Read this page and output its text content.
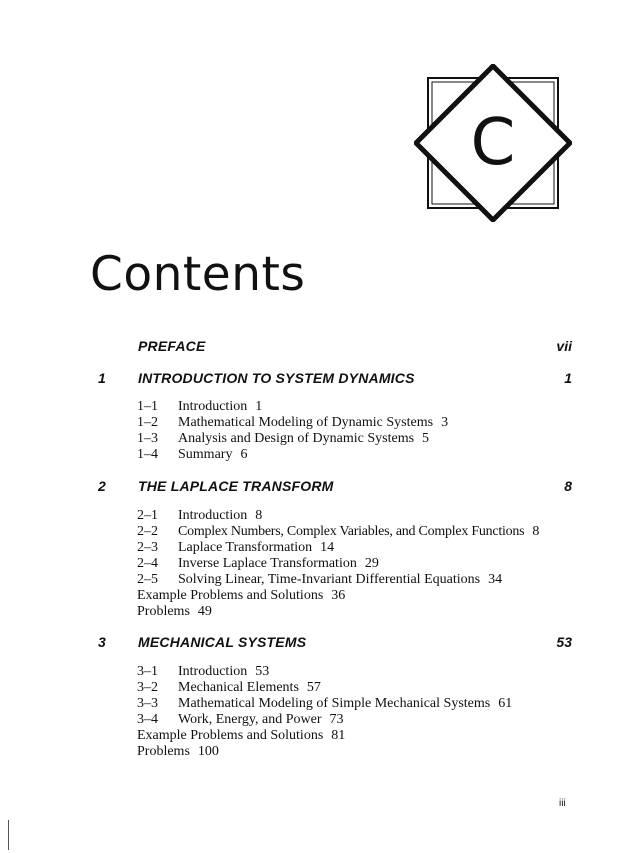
C
Contents
PREFACE	vii
1	INTRODUCTION TO SYSTEM DYNAMICS	1
1–1 Introduction 1
1–2 Mathematical Modeling of Dynamic Systems 3
1–3 Analysis and Design of Dynamic Systems 5
1–4 Summary 6
2	THE LAPLACE TRANSFORM	8
2–1 Introduction 8
2–2 Complex Numbers, Complex Variables, and Complex Functions 8
2–3 Laplace Transformation 14
2–4 Inverse Laplace Transformation 29
2–5 Solving Linear, Time-Invariant Differential Equations 34
Example Problems and Solutions 36
Problems 49
3	MECHANICAL SYSTEMS	53
3–1 Introduction 53
3–2 Mechanical Elements 57
3–3 Mathematical Modeling of Simple Mechanical Systems 61
3–4 Work, Energy, and Power 73
Example Problems and Solutions 81
Problems 100
iii
